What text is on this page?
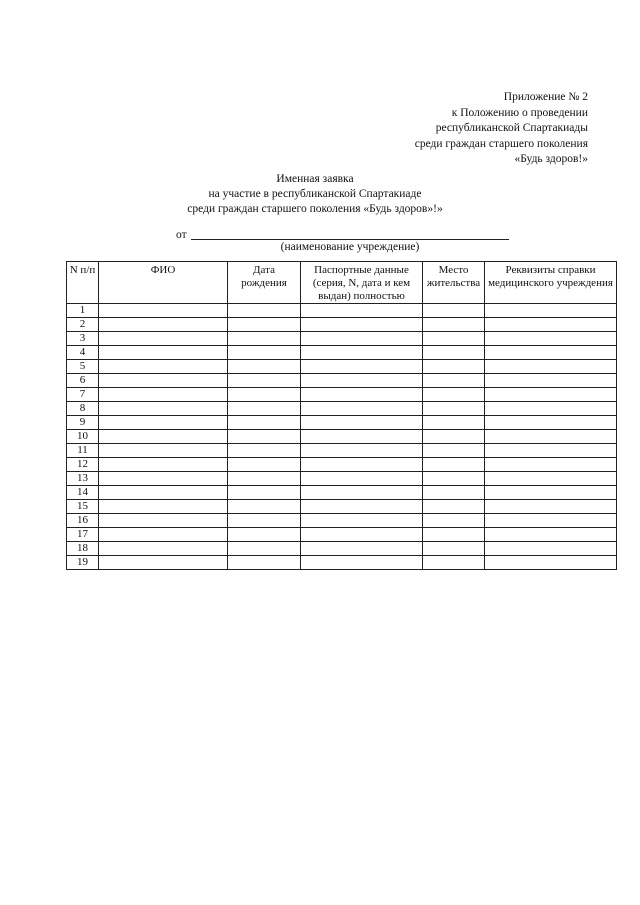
Приложение № 2
к Положению о проведении
республиканской Спартакиады
среди граждан старшего поколения
«Будь здоров!»
Именная заявка
на участие в республиканской Спартакиаде
среди граждан старшего поколения «Будь здоров»!»
от
(наименование учреждение)
N п/п	ФИО	Дата рождения	Паспортные данные (серия, N, дата и кем выдан) полностью	Место жительства	Реквизиты справки медицинского учреждения
1					
2					
3					
4					
5					
6					
7					
8					
9					
10					
11					
12					
13					
14					
15					
16					
17					
18					
19					
